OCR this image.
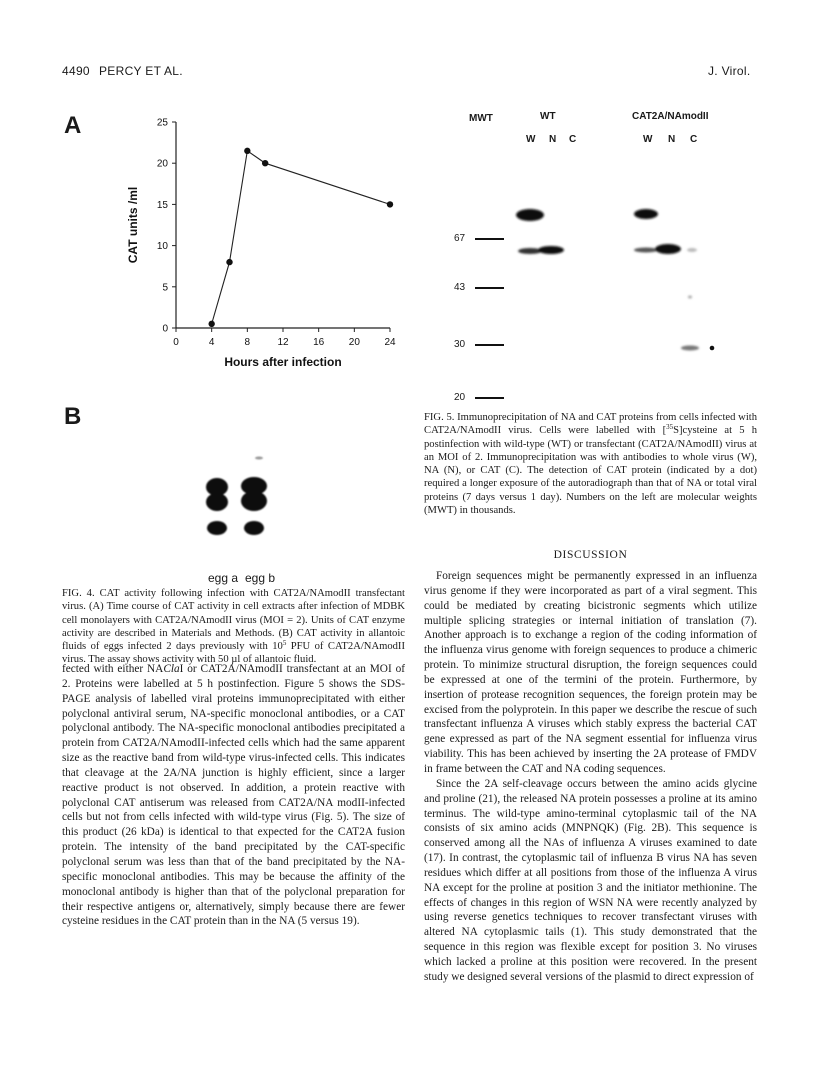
4490 PERCY ET AL.	J. Virol.
A
0
5
10
15
20
25
0	4	8	12 16 20 24
Hours after infection
CAT units /ml
B
egg a egg b
FIG. 4. CAT activity following infection with CAT2A/NAmodII transfectant virus. (A) Time course of CAT activity in cell extracts after infection of MDBK cell monolayers with CAT2A/NAmodII virus (MOI = 2). Units of CAT enzyme activity are described in Materials and Methods. (B) CAT activity in allantoic fluids of eggs infected 2 days previously with $10^5$ PFU of CAT2A/NAmodII virus. The assay shows activity with 50 µl of allantoic fluid.
MWT	WT	CAT2A/NAmodII
W N C	W N C
67
43
30
20
FIG. 5. Immunoprecipitation of NA and CAT proteins from cells infected with CAT2A/NAmodII virus. Cells were labelled with [$^{35}$S]cysteine at 5 h postinfection with wild-type (WT) or transfectant (CAT2A/NAmodII) virus at an MOI of 2. Immunoprecipitation was with antibodies to whole virus (W), NA (N), or CAT (C). The detection of CAT protein (indicated by a dot) required a longer exposure of the autoradiograph than that of NA or total viral proteins (7 days versus 1 day). Numbers on the left are molecular weights (MWT) in thousands.

fected with either NAClaI or CAT2A/NAmodII transfectant at an MOI of 2. Proteins were labelled at 5 h postinfection. Figure 5 shows the SDS-PAGE analysis of labelled viral proteins immunoprecipitated with either polyclonal antiviral serum, NA-specific monoclonal antibodies, or a CAT polyclonal antibody. The NA-specific monoclonal antibodies precipitated a protein from CAT2A/NAmodII-infected cells which had the same apparent size as the reactive band from wild-type virus-infected cells. This indicates that cleavage at the 2A/NA junction is highly efficient, since a larger reactive product is not observed. In addition, a protein reactive with polyclonal CAT antiserum was released from CAT2A/NA modII-infected cells but not from cells infected with wild-type virus (Fig. 5). The size of this product (26 kDa) is identical to that expected for the CAT2A fusion protein. The intensity of the band precipitated by the CAT-specific polyclonal serum was less than that of the band precipitated by the NA-specific monoclonal antibodies. This may be because the affinity of the monoclonal antibody is higher than that of the polyclonal preparation for their respective antigens or, alternatively, simply because there are fewer cysteine residues in the CAT protein than in the NA (5 versus 19).

DISCUSSION

Foreign sequences might be permanently expressed in an influenza virus genome if they were incorporated as part of a viral segment. This could be mediated by creating bicistronic segments which utilize multiple splicing strategies or internal initiation of translation (7). Another approach is to exchange a region of the coding information of the influenza virus genome with foreign sequences to produce a chimeric protein. To minimize structural disruption, the foreign sequences could be expressed at one of the termini of the protein. Furthermore, by insertion of protease recognition sequences, the foreign protein may be excised from the polyprotein. In this paper we describe the rescue of such transfectant influenza A viruses which stably express the bacterial CAT gene expressed as part of the NA segment essential for influenza virus viability. This has been achieved by inserting the 2A protease of FMDV in frame between the CAT and NA coding sequences.

Since the 2A self-cleavage occurs between the amino acids glycine and proline (21), the released NA protein possesses a proline at its amino terminus. The wild-type amino-terminal cytoplasmic tail of the NA consists of six amino acids (MNPNQK) (Fig. 2B). This sequence is conserved among all the NAs of influenza A viruses examined to date (17). In contrast, the cytoplasmic tail of influenza B virus NA has seven residues which differ at all positions from those of the influenza A virus NA except for the proline at position 3 and the initiator methionine. The effects of changes in this region of WSN NA were recently analyzed by using reverse genetics techniques to recover transfectant viruses with altered NA cytoplasmic tails (1). This study demonstrated that the sequence in this region was flexible except for position 3. No viruses which lacked a proline at this position were recovered. In the present study we designed several versions of the plasmid to direct expression of
